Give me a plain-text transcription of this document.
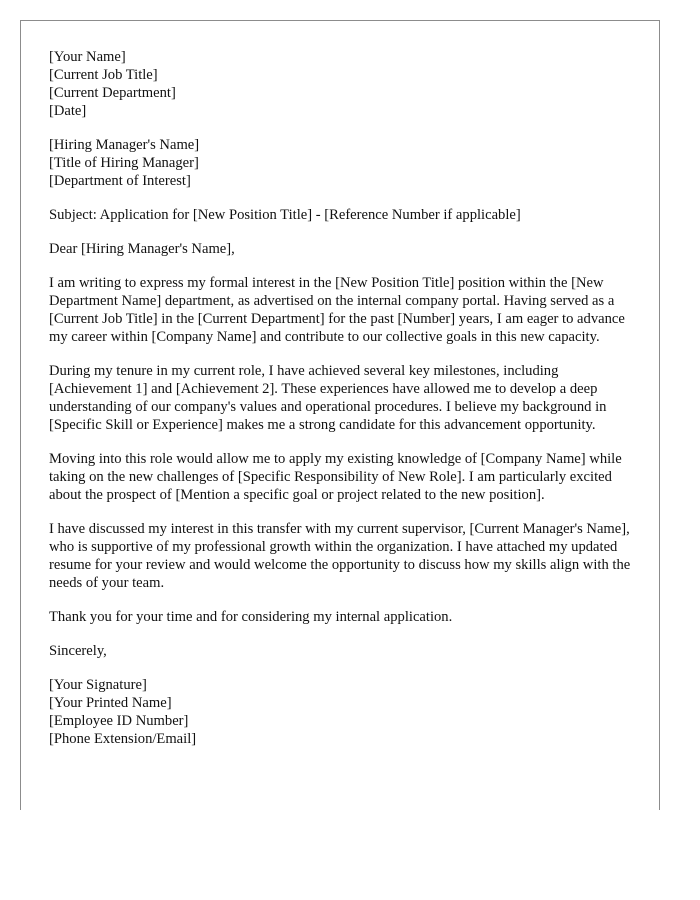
[Your Name]
[Current Job Title]
[Current Department]
[Date]
[Hiring Manager's Name]
[Title of Hiring Manager]
[Department of Interest]

Subject: Application for [New Position Title] - [Reference Number if applicable]

Dear [Hiring Manager's Name],

I am writing to express my formal interest in the [New Position Title] position within the [New Department Name] department, as advertised on the internal company portal. Having served as a [Current Job Title] in the [Current Department] for the past [Number] years, I am eager to advance my career within [Company Name] and contribute to our collective goals in this new capacity.

During my tenure in my current role, I have achieved several key milestones, including [Achievement 1] and [Achievement 2]. These experiences have allowed me to develop a deep understanding of our company's values and operational procedures. I believe my background in [Specific Skill or Experience] makes me a strong candidate for this advancement opportunity.

Moving into this role would allow me to apply my existing knowledge of [Company Name] while taking on the new challenges of [Specific Responsibility of New Role]. I am particularly excited about the prospect of [Mention a specific goal or project related to the new position].

I have discussed my interest in this transfer with my current supervisor, [Current Manager's Name], who is supportive of my professional growth within the organization. I have attached my updated resume for your review and would welcome the opportunity to discuss how my skills align with the needs of your team.

Thank you for your time and for considering my internal application.

Sincerely,

[Your Signature]
[Your Printed Name]
[Employee ID Number]
[Phone Extension/Email]
